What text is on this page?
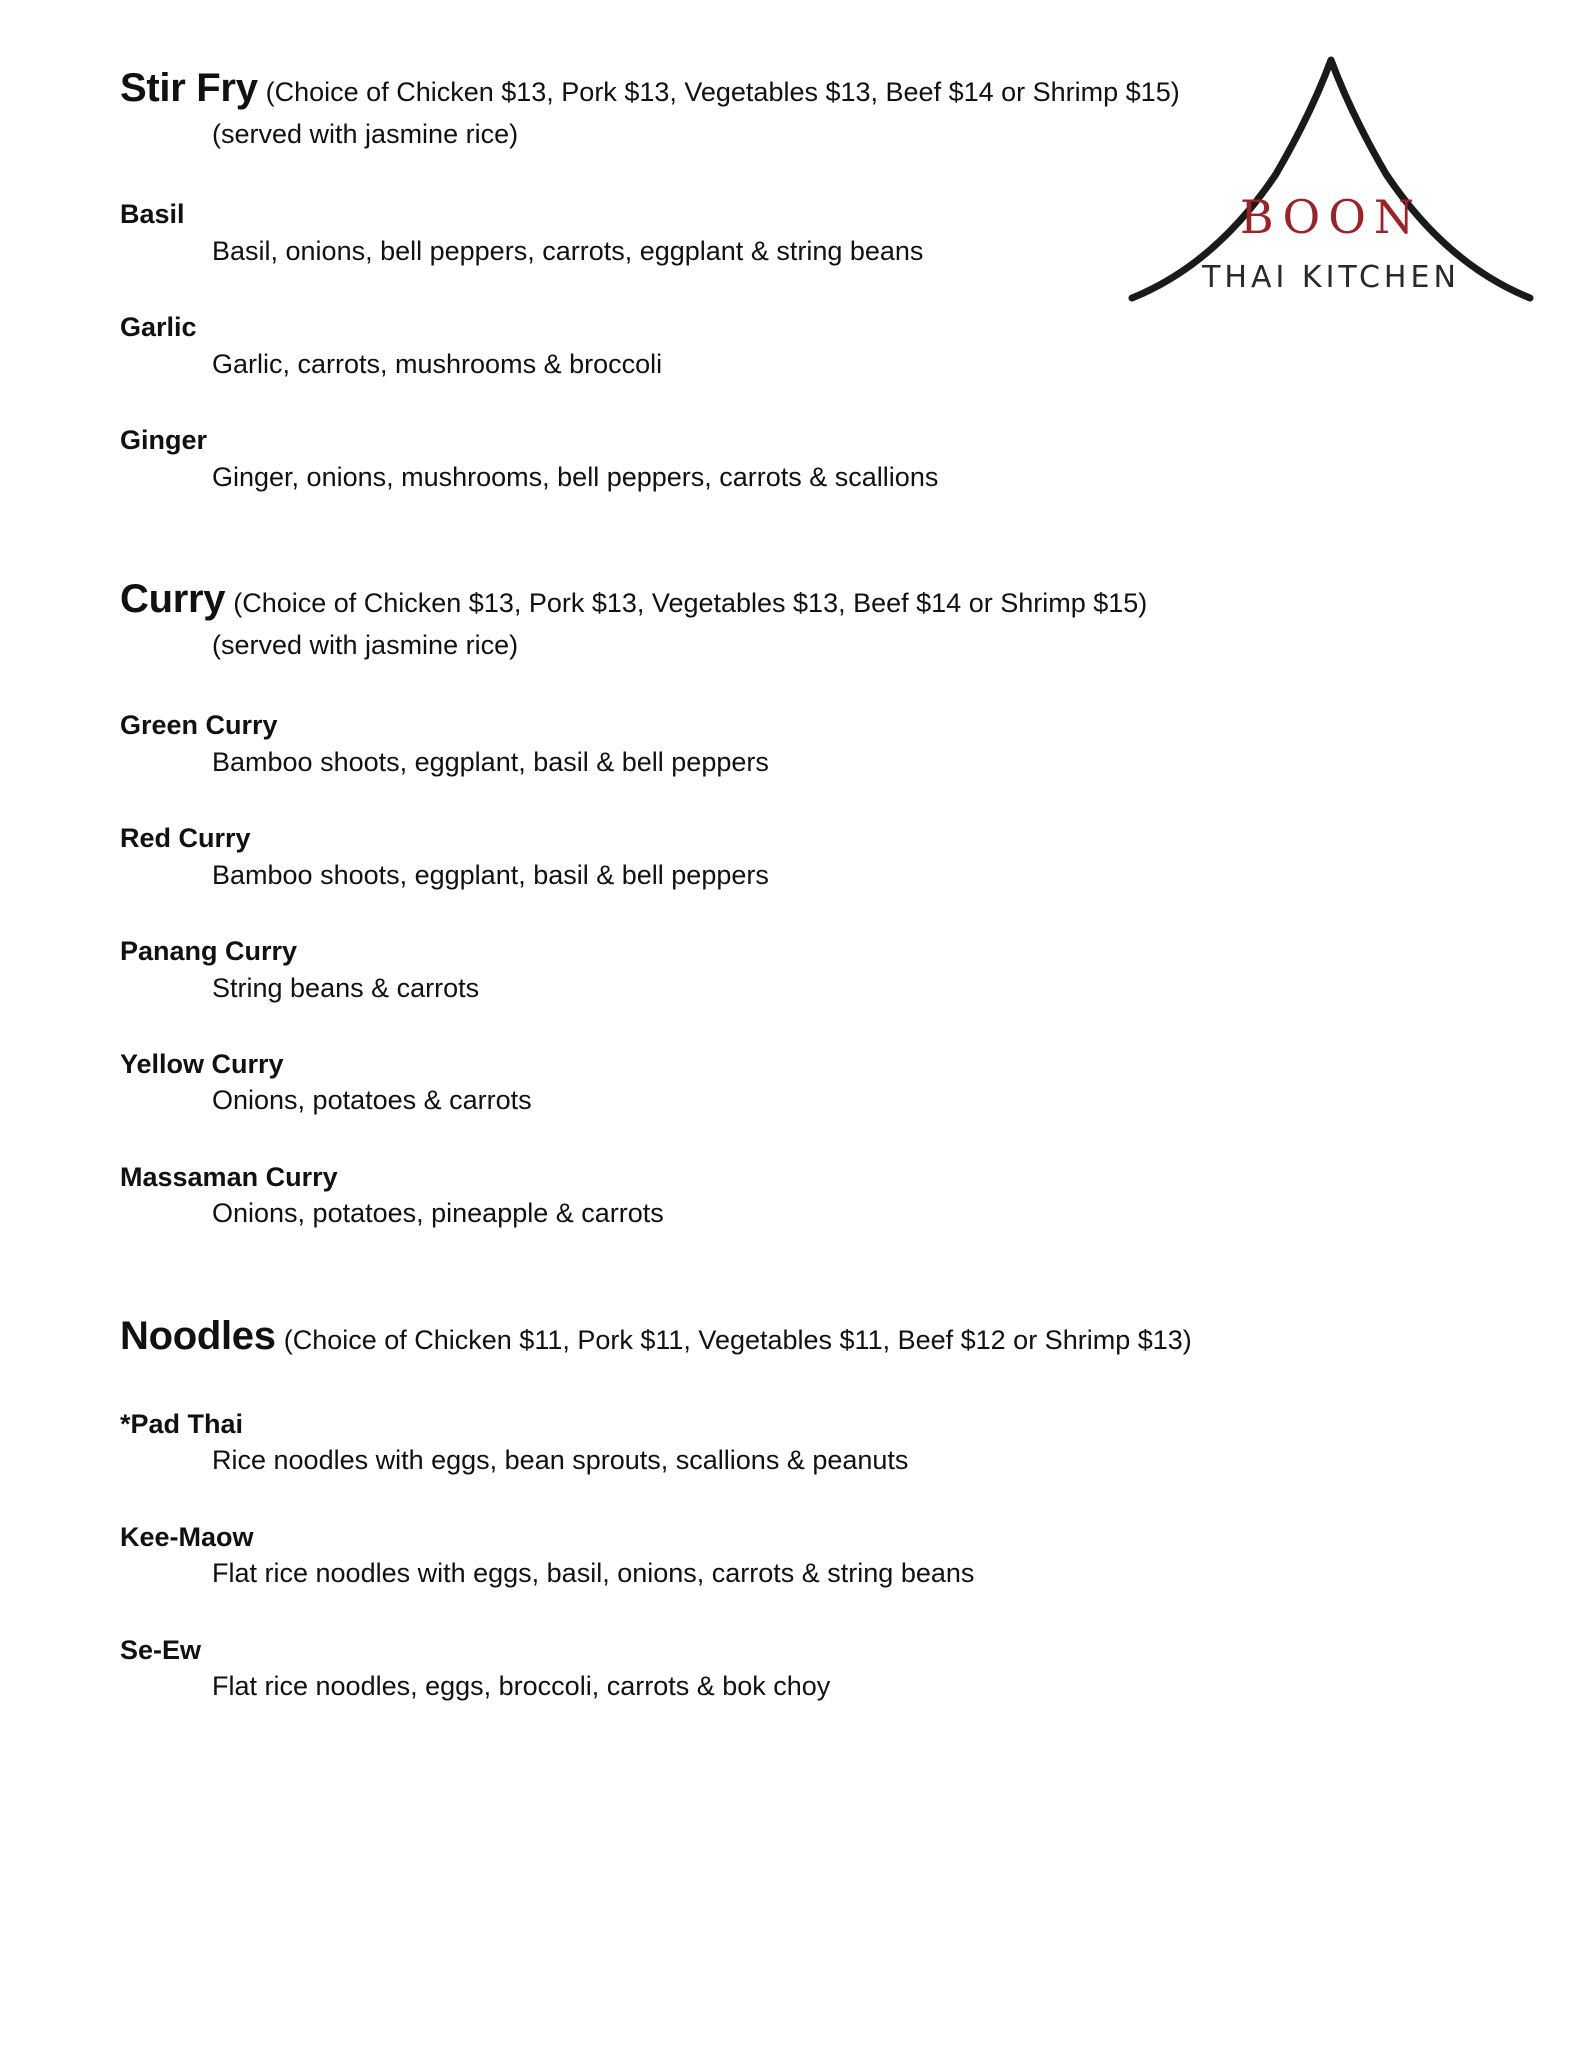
BOON
THAI KITCHEN
Stir Fry (Choice of Chicken $13, Pork $13, Vegetables $13, Beef $14 or Shrimp $15)
(served with jasmine rice)
Basil
Basil, onions, bell peppers, carrots, eggplant & string beans
Garlic
Garlic, carrots, mushrooms & broccoli
Ginger
Ginger, onions, mushrooms, bell peppers, carrots & scallions
Curry (Choice of Chicken $13, Pork $13, Vegetables $13, Beef $14 or Shrimp $15)
(served with jasmine rice)
Green Curry
Bamboo shoots, eggplant, basil & bell peppers
Red Curry
Bamboo shoots, eggplant, basil & bell peppers
Panang Curry
String beans & carrots
Yellow Curry
Onions, potatoes & carrots
Massaman Curry
Onions, potatoes, pineapple & carrots
Noodles (Choice of Chicken $11, Pork $11, Vegetables $11, Beef $12 or Shrimp $13)
*Pad Thai
Rice noodles with eggs, bean sprouts, scallions & peanuts
Kee-Maow
Flat rice noodles with eggs, basil, onions, carrots & string beans
Se-Ew
Flat rice noodles, eggs, broccoli, carrots & bok choy
